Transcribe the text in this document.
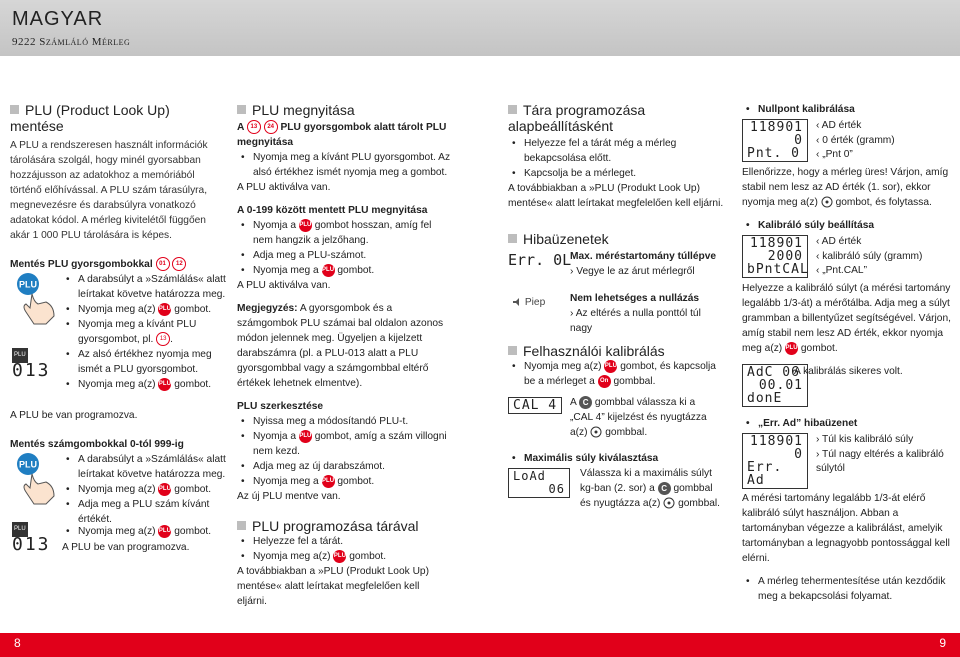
MAGYAR
9222 Számláló Mérleg

PLU (Product Look Up) mentése

A PLU a rendszeresen használt információk tárolására szolgál, hogy minél gyorsabban hozzájusson az adatokhoz a memóriából történő előhívással. A PLU szám tárasúlyra, megnevezésre és darabsúlyra vonatkozó adatokat kódol. A mérleg kivitelétől függően akár 1 000 PLU tárolására is képes.

Mentés PLU gyorsgombokkal 01 12

PLU
PLU
013
• A darabsúlyt a »Számlálás« alatt leírtakat követve határozza meg.
• Nyomja meg a(z) PLU gombot.
• Nyomja meg a kívánt PLU gyorsgombot, pl. 13 .
• Az alsó értékhez nyomja meg ismét a PLU gyorsgombot.
• Nyomja meg a(z) PLU gombot.

A PLU be van programozva.

Mentés számgombokkal 0-tól 999-ig

PLU
PLU
013
• A darabsúlyt a »Számlálás« alatt leírtakat követve határozza meg.
• Nyomja meg a(z) PLU gombot.
• Adja meg a PLU szám kívánt értékét.
• Nyomja meg a(z) PLU gombot.

A PLU be van programozva.

PLU megnyitása

A 13 24 PLU gyorsgombok alatt tárolt PLU megnyitása

• Nyomja meg a kívánt PLU gyorsgombot. Az alsó értékhez ismét nyomja meg a gombot.

A PLU aktiválva van.

A 0-199 között mentett PLU megnyitása

• Nyomja a PLU gombot hosszan, amíg fel nem hangzik a jelzőhang.
• Adja meg a PLU-számot.
• Nyomja meg a PLU gombot.

A PLU aktiválva van.

Megjegyzés: A gyorsgombok és a számgombok PLU számai bal oldalon azonos módon jelennek meg. Ügyeljen a kijelzett darabszámra (pl. a PLU-013 alatt a PLU gyorsgombbal vagy a számgombbal eltérő értékek lehetnek elmentve).

PLU szerkesztése

• Nyissa meg a módosítandó PLU-t.
• Nyomja a PLU gombot, amíg a szám villogni nem kezd.
• Adja meg az új darabszámot.
• Nyomja meg a PLU gombot.

Az új PLU mentve van.

PLU programozása tárával

• Helyezze fel a tárát.
• Nyomja meg a(z) PLU gombot.

A továbbiakban a »PLU (Produkt Look Up) mentése« alatt leírtakat megfelelően kell eljárni.

Tára programozása alapbeállításként

• Helyezze fel a tárát még a mérleg bekapcsolása előtt.
• Kapcsolja be a mérleget.

A továbbiakban a »PLU (Produkt Look Up) mentése« alatt leírtakat megfelelően kell eljárni.

Hibaüzenetek

Err. 0L
Max. méréstartomány túllépve
› Vegye le az árut mérlegről
Piep Nem lehetséges a nullázás
› Az eltérés a nulla ponttól túl nagy

Felhasználói kalibrálás

• Nyomja meg a(z) PLU gombot, és kapcsolja be a mérleget a On gombbal.
CAL 4	A C gombbal válassza ki a „CAL 4” kijelzést és nyugtázza a(z) gombbal.

• Maximális súly kiválasztása
LoAd
06

Válassza ki a maximális súlyt kg-ban (2. sor) a C gombbal és nyugtázza a(z) gombbal.

• Nullpont kalibrálása
118901
0
Pnt. 0
‹ AD érték
‹ 0 érték (gramm)
‹ „Pnt 0”

Ellenőrizze, hogy a mérleg üres! Várjon, amíg stabil nem lesz az AD érték (1. sor), ekkor nyomja meg a(z) gombot, és folytassa.

• Kalibráló súly beállítása
118901
2000
bPntCAL
‹ AD érték
‹ kalibráló súly (gramm)
‹ „Pnt.CAL”

Helyezze a kalibráló súlyt (a mérési tartomány legalább 1/3-át) a mérőtálba. Adja meg a súlyt grammban a billentyűzet segítségével. Várjon, amíg stabil nem lesz AD érték, ekkor nyomja meg a(z) PLU gombot.

AdC 06
00.01
donE
A kalibrálás sikeres volt.
• „Err. Ad” hibaüzenet
118901
0
Err. Ad
› Túl kis kalibráló súly
› Túl nagy eltérés a kalibráló súlytól

A mérési tartomány legalább 1/3-át elérő kalibráló súlyt használjon. Abban a tartományban végezze a kalibrálást, amelyik tartományban a legnagyobb pontossággal kell elérni.

• A mérleg tehermentesítése után kezdődik meg a bekapcsolási folyamat.
8	9
